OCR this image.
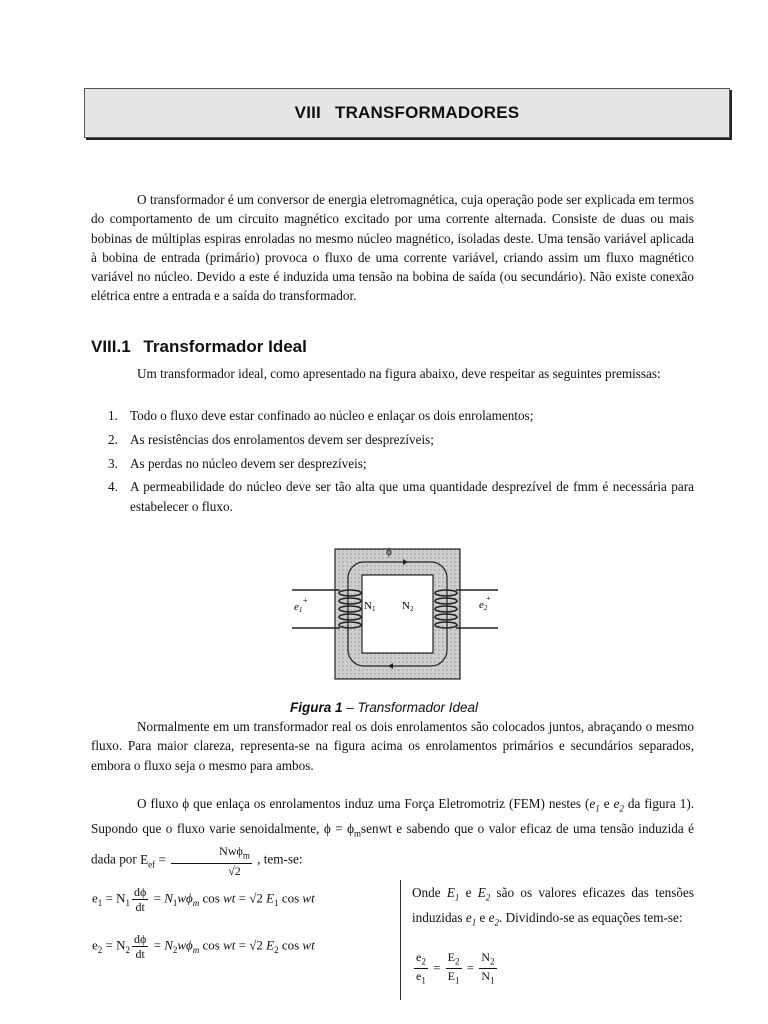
VIII TRANSFORMADORES

O transformador é um conversor de energia eletromagnética, cuja operação pode ser explicada em termos do comportamento de um circuito magnético excitado por uma corrente alternada. Consiste de duas ou mais bobinas de múltiplas espiras enroladas no mesmo núcleo magnético, isoladas deste. Uma tensão variável aplicada à bobina de entrada (primário) provoca o fluxo de uma corrente variável, criando assim um fluxo magnético variável no núcleo. Devido a este é induzida uma tensão na bobina de saída (ou secundário). Não existe conexão elétrica entre a entrada e a saída do transformador.

VIII.1 Transformador Ideal

Um transformador ideal, como apresentado na figura abaixo, deve respeitar as seguintes premissas:

1. Todo o fluxo deve estar confinado ao núcleo e enlaçar os dois enrolamentos;
2. As resistências dos enrolamentos devem ser desprezíveis;
3. As perdas no núcleo devem ser desprezíveis;
4. A permeabilidade do núcleo deve ser tão alta que uma quantidade desprezível de fmm é necessária para estabelecer o fluxo.
ϕ
e1
+	e2
+
N1 N2
Figura 1 – Transformador Ideal

Normalmente em um transformador real os dois enrolamentos são colocados juntos, abraçando o mesmo fluxo. Para maior clareza, representa-se na figura acima os enrolamentos primários e secundários separados, embora o fluxo seja o mesmo para ambos.

O fluxo ϕ que enlaça os enrolamentos induz uma Força Eletromotriz (FEM) nestes ($e_1$ e $e_2$ da figura 1). Supondo que o fluxo varie senoidalmente, $\phi = \phi_msenwt$ e sabendo que o valor eficaz de uma tensão induzida é dada por $E_{ef} = \frac{Nw\phi_m}{√2}$ , tem-se:

$e_1 = N_1 \frac{d\phi}{dt} = N_1w\phi_m$ cos wt = √2 $E_1$ cos wt
$e_2 = N_2 \frac{d\phi}{dt} = N_2w\phi_m$ cos wt = √2 $E_2$ cos wt

Onde $E_1$ e $E_2$ são os valores eficazes das tensões induzidas $e_1$ e $e_2$. Dividindo-se as equações tem-se:

$\frac{e_2}{e_1} = \frac{E_2}{E_1} = \frac{N_2}{N_1}$
